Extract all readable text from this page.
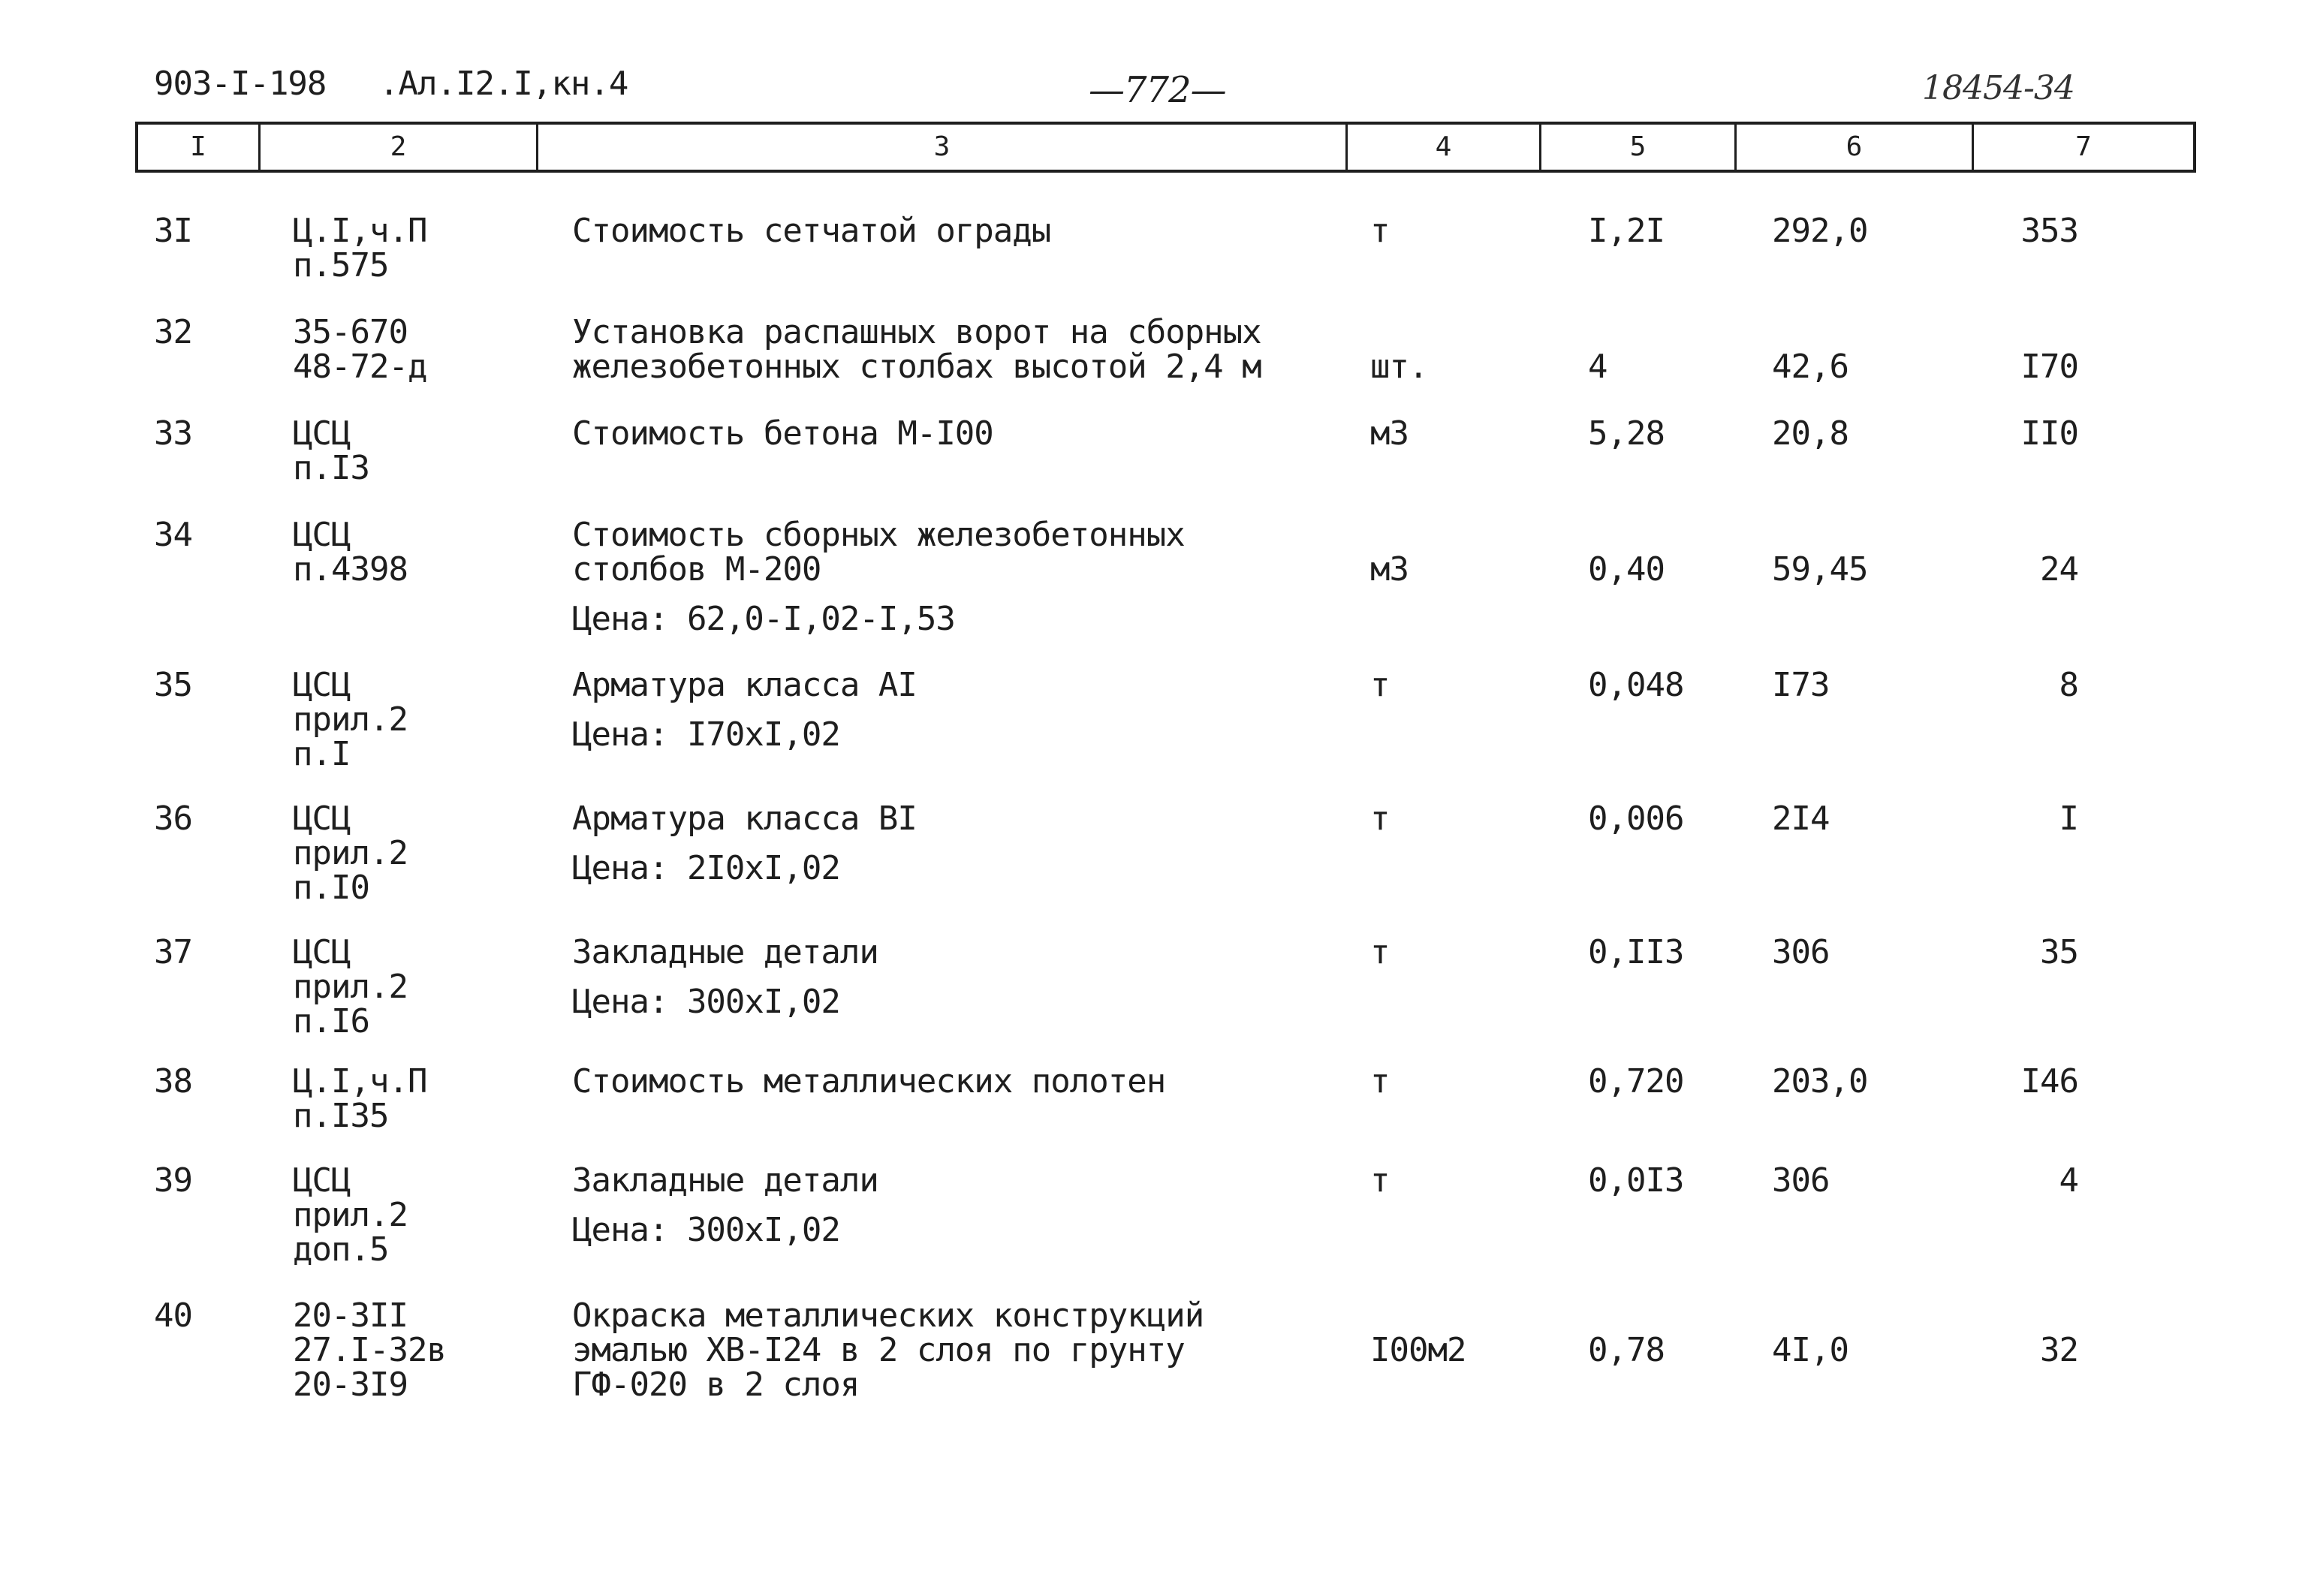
903-I-198 .Ал.I2.I,кн.4	—772—	18454-34
I	2	3	4	5	6	7
3I	Ц.I,ч.П
п.575
Стоимость сетчатой ограды	т	I,2I	292,0	353
32	35-670
48-72-д
Установка распашных ворот на сборных
железобетонных столбах высотой 2,4 м	шт.	4	42,6	I70
33	ЦСЦ
п.I3
Стоимость бетона М-I00	м3	5,28	20,8	II0
34	ЦСЦ
п.4398
Стоимость сборных железобетонных
столбов М-200
Цена: 62,0-I,02-I,53
м3	0,40	59,45	24
35	ЦСЦ
прил.2
п.I
Арматура класса АI
Цена: I70хI,02
т	0,048	I73	8
36	ЦСЦ
прил.2
п.I0
Арматура класса ВI
Цена: 2I0хI,02
т	0,006	2I4	I
37	ЦСЦ
прил.2
п.I6
Закладные детали
Цена: 300хI,02
т	0,II3	306	35
38	Ц.I,ч.П
п.I35
Стоимость металлических полотен	т	0,720	203,0	I46
39	ЦСЦ
прил.2
доп.5
Закладные детали
Цена: 300хI,02
т	0,0I3	306	4
40	20-3II
27.I-32в
20-3I9
Окраска металлических конструкций
эмалью ХВ-I24 в 2 слоя по грунту
ГФ-020 в 2 слоя
I00м2	0,78	4I,0	32
